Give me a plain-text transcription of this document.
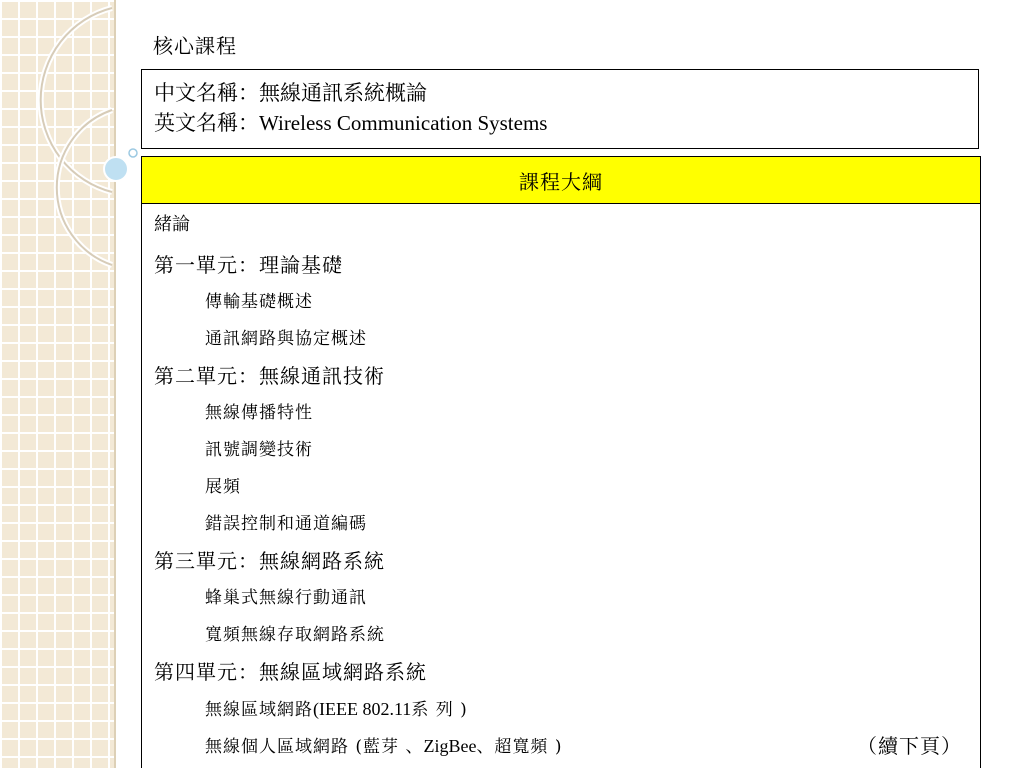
核心課程
中文名稱：無線通訊系統概論
英文名稱：Wireless Communication Systems
課程大綱
緒論
第一單元：理論基礎
傳輸基礎概述
通訊網路與協定概述
第二單元：無線通訊技術
無線傳播特性
訊號調變技術
展頻
錯誤控制和通道編碼
第三單元：無線網路系統
蜂巢式無線行動通訊
寬頻無線存取網路系統
第四單元：無線區域網路系統
無線區域網路(IEEE 802.11系 列 )
無線個人區域網路 (藍芽 、ZigBee、超寬頻 )	（續下頁）
